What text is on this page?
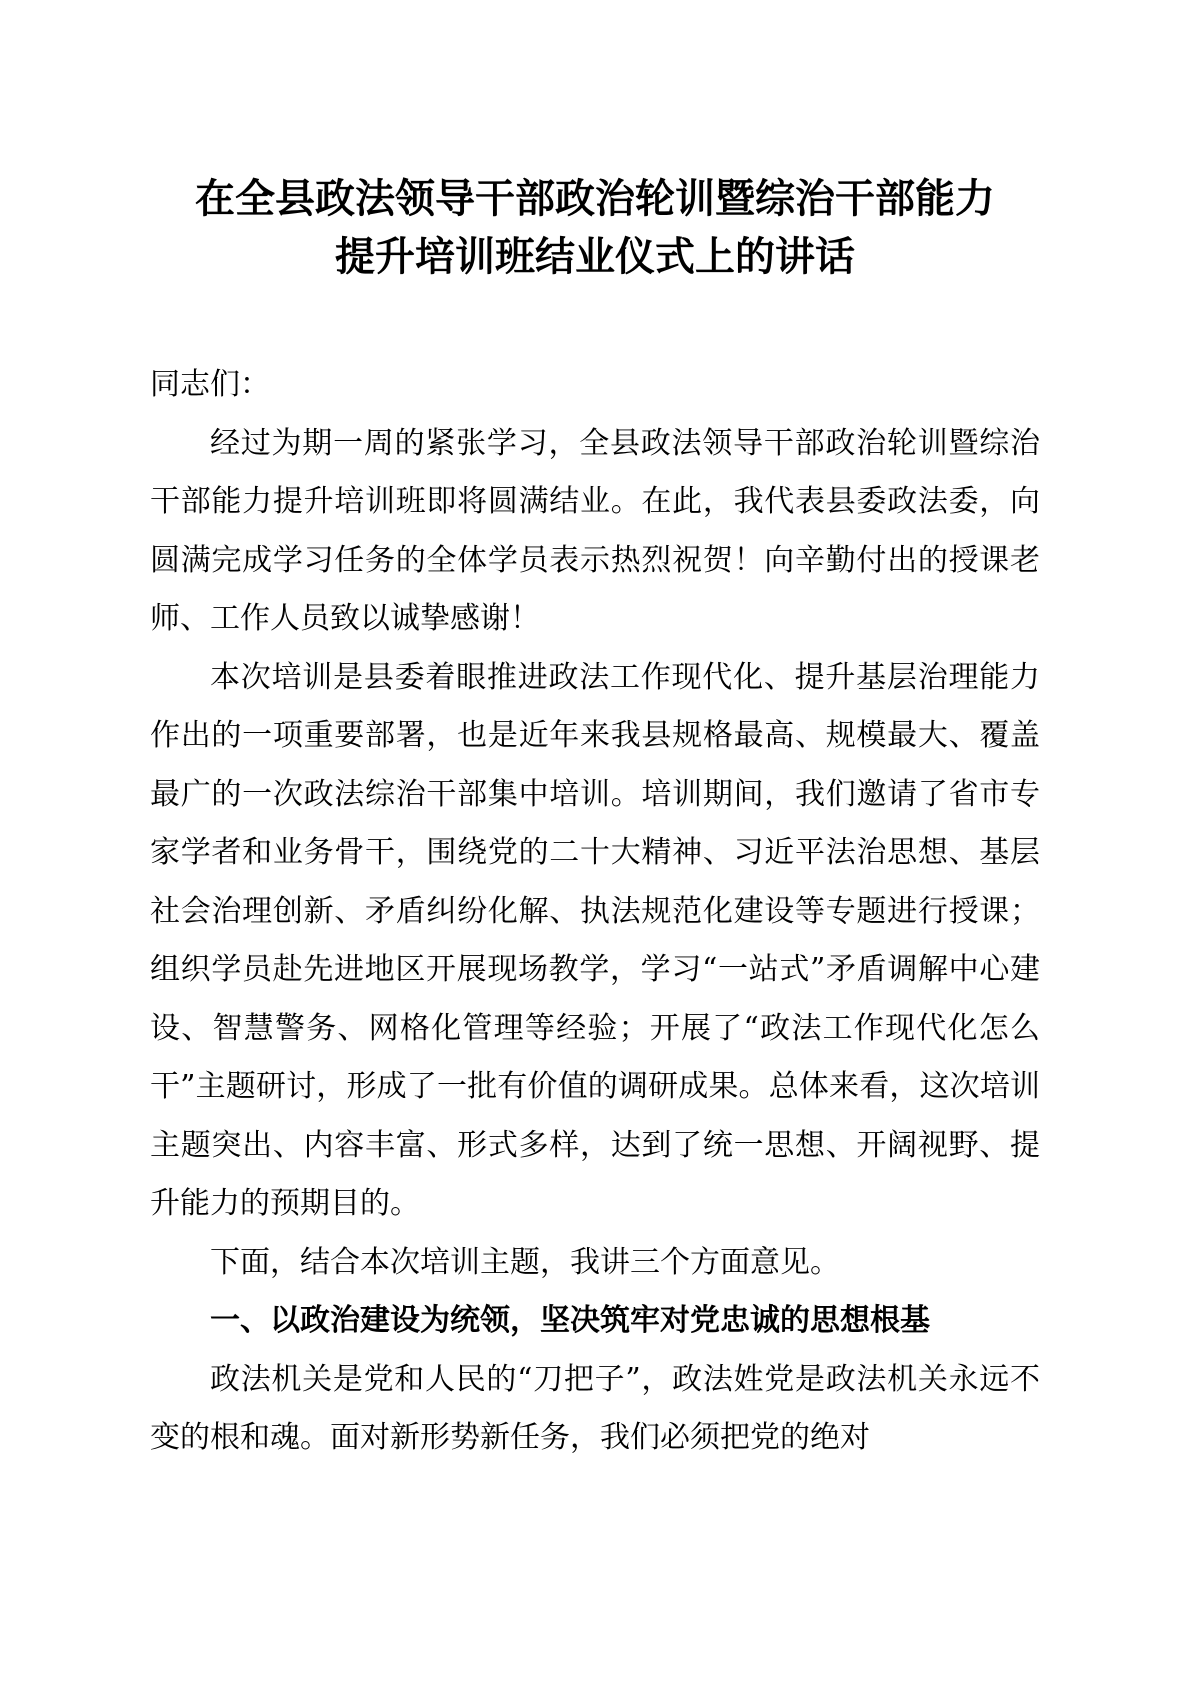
在全县政法领导干部政治轮训暨综治干部能力
提升培训班结业仪式上的讲话

同志们：

经过为期一周的紧张学习，全县政法领导干部政治轮训暨综治干部能力提升培训班即将圆满结业。在此，我代表县委政法委，向圆满完成学习任务的全体学员表示热烈祝贺！向辛勤付出的授课老师、工作人员致以诚挚感谢！

本次培训是县委着眼推进政法工作现代化、提升基层治理能力作出的一项重要部署，也是近年来我县规格最高、规模最大、覆盖最广的一次政法综治干部集中培训。培训期间，我们邀请了省市专家学者和业务骨干，围绕党的二十大精神、习近平法治思想、基层社会治理创新、矛盾纠纷化解、执法规范化建设等专题进行授课；组织学员赴先进地区开展现场教学，学习“一站式”矛盾调解中心建设、智慧警务、网格化管理等经验；开展了“政法工作现代化怎么干”主题研讨，形成了一批有价值的调研成果。总体来看，这次培训主题突出、内容丰富、形式多样，达到了统一思想、开阔视野、提升能力的预期目的。

下面，结合本次培训主题，我讲三个方面意见。

一、以政治建设为统领，坚决筑牢对党忠诚的思想根基

政法机关是党和人民的“刀把子”，政法姓党是政法机关永远不变的根和魂。面对新形势新任务，我们必须把党的绝对
